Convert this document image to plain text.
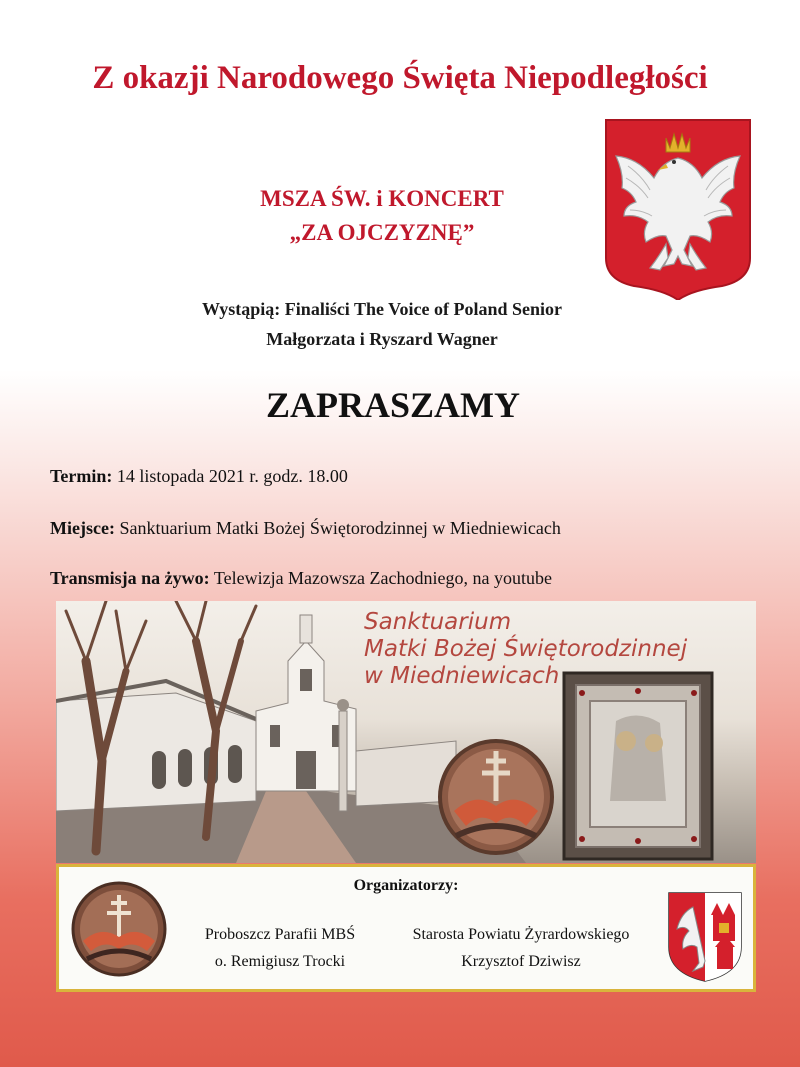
Z okazji Narodowego Święta Niepodległości
MSZA ŚW. i KONCERT
„ZA OJCZYZNĘ”
Wystąpią: Finaliści The Voice of Poland Senior
Małgorzata i Ryszard Wagner
ZAPRASZAMY
Termin: 14 listopada 2021 r. godz. 18.00
Miejsce: Sanktuarium Matki Bożej Świętorodzinnej w Miedniewicach
Transmisja na żywo: Telewizja Mazowsza Zachodniego, na youtube
Sanktuarium
Matki Bożej Świętorodzinnej
w Miedniewicach
Organizatorzy:
Proboszcz Parafii MBŚ
o. Remigiusz Trocki
Starosta Powiatu Żyrardowskiego
Krzysztof Dziwisz
